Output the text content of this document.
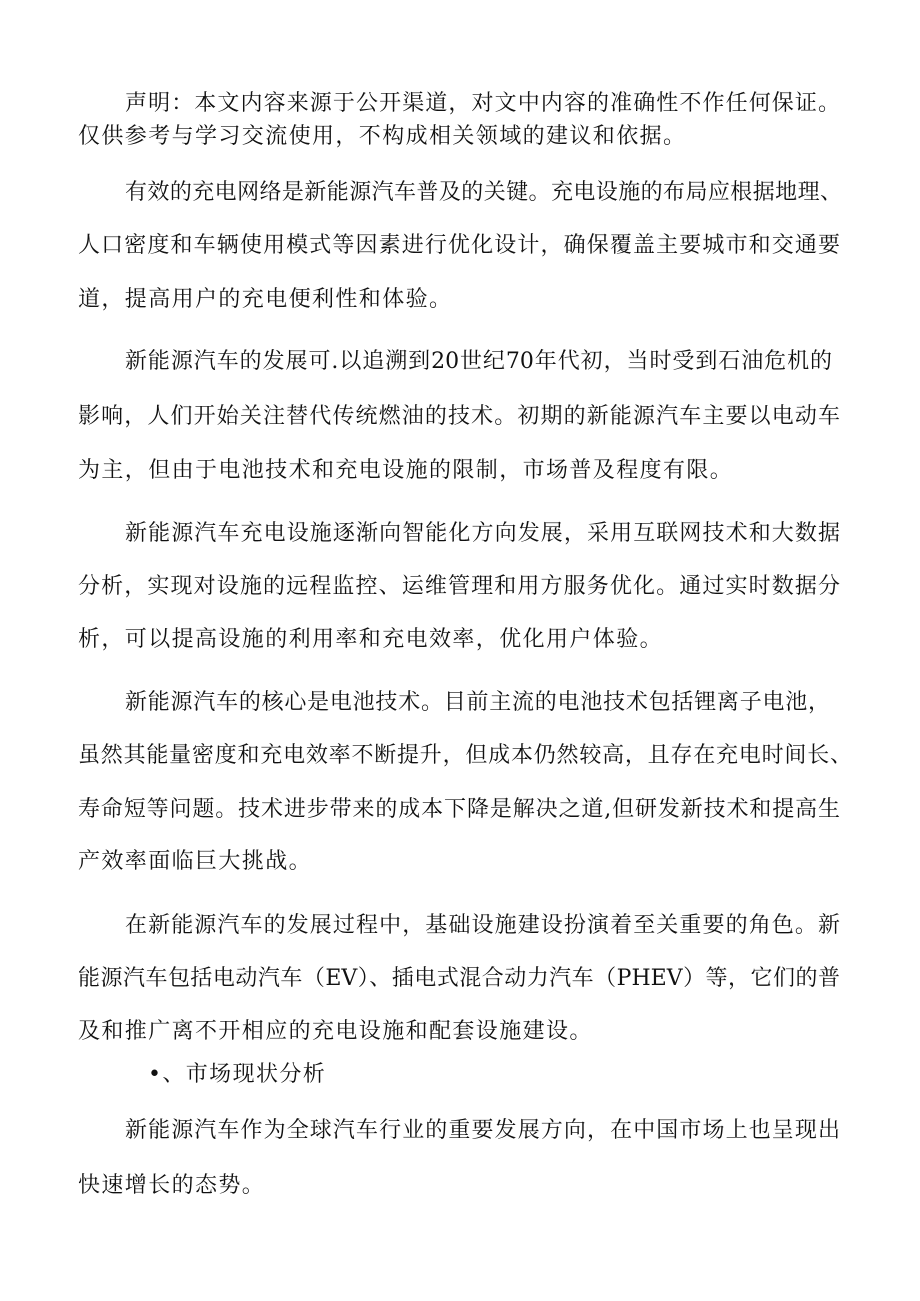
声明：本文内容来源于公开渠道，对文中内容的准确性不作任何保证。
仅供参考与学习交流使用，不构成相关领域的建议和依据。
有效的充电网络是新能源汽车普及的关键。充电设施的布局应根据地理、
人口密度和车辆使用模式等因素进行优化设计，确保覆盖主要城市和交通要
道，提高用户的充电便利性和体验。
新能源汽车的发展可.以追溯到20世纪70年代初，当时受到石油危机的
影响，人们开始关注替代传统燃油的技术。初期的新能源汽车主要以电动车
为主，但由于电池技术和充电设施的限制，市场普及程度有限。
新能源汽车充电设施逐渐向智能化方向发展，采用互联网技术和大数据
分析，实现对设施的远程监控、运维管理和用方服务优化。通过实时数据分
析，可以提高设施的利用率和充电效率，优化用户体验。
新能源汽车的核心是电池技术。目前主流的电池技术包括锂离子电池，
虽然其能量密度和充电效率不断提升，但成本仍然较高，且存在充电时间长、
寿命短等问题。技术进步带来的成本下降是解决之道,但研发新技术和提高生
产效率面临巨大挑战。
在新能源汽车的发展过程中，基础设施建设扮演着至关重要的角色。新
能源汽车包括电动汽车（EV）、插电式混合动力汽车（PHEV）等，它们的普
及和推广离不开相应的充电设施和配套设施建设。
•、市场现状分析
新能源汽车作为全球汽车行业的重要发展方向，在中国市场上也呈现出
快速增长的态势。
